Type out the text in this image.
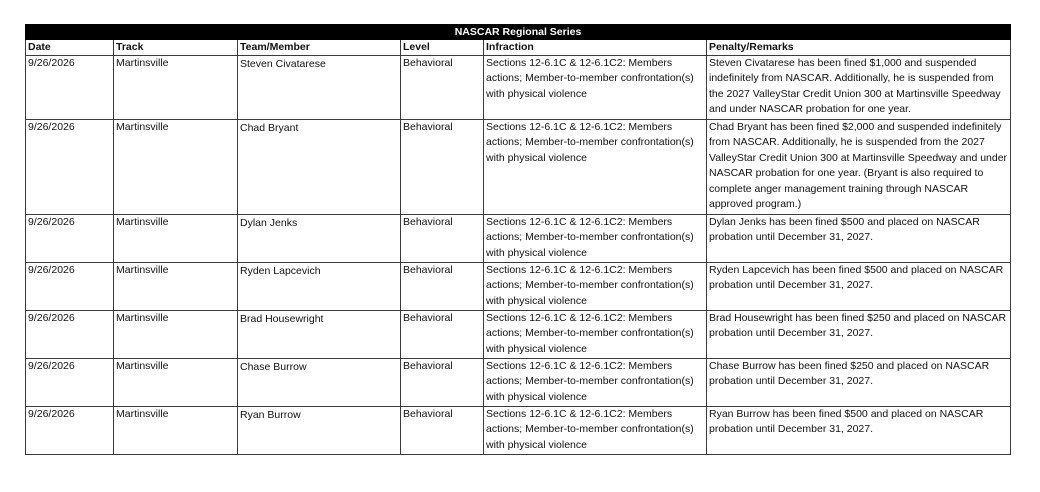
NASCAR Regional Series					
Date	Track	Team/Member	Level	Infraction	Penalty/Remarks
9/26/2026	Martinsville	Steven Civatarese	Behavioral	Sections 12-6.1C & 12-6.1C2: Members actions; Member-to-member confrontation(s) with physical violence	Steven Civatarese has been fined $1,000 and suspended indefinitely from NASCAR. Additionally, he is suspended from the 2027 ValleyStar Credit Union 300 at Martinsville Speedway and under NASCAR probation for one year.
9/26/2026	Martinsville	Chad Bryant	Behavioral	Sections 12-6.1C & 12-6.1C2: Members actions; Member-to-member confrontation(s) with physical violence	Chad Bryant has been fined $2,000 and suspended indefinitely from NASCAR. Additionally, he is suspended from the 2027 ValleyStar Credit Union 300 at Martinsville Speedway and under NASCAR probation for one year. (Bryant is also required to complete anger management training through NASCAR approved program.)
9/26/2026	Martinsville	Dylan Jenks	Behavioral	Sections 12-6.1C & 12-6.1C2: Members actions; Member-to-member confrontation(s) with physical violence	Dylan Jenks has been fined $500 and placed on NASCAR probation until December 31, 2027.
9/26/2026	Martinsville	Ryden Lapcevich	Behavioral	Sections 12-6.1C & 12-6.1C2: Members actions; Member-to-member confrontation(s) with physical violence	Ryden Lapcevich has been fined $500 and placed on NASCAR probation until December 31, 2027.
9/26/2026	Martinsville	Brad Housewright	Behavioral	Sections 12-6.1C & 12-6.1C2: Members actions; Member-to-member confrontation(s) with physical violence	Brad Housewright has been fined $250 and placed on NASCAR probation until December 31, 2027.
9/26/2026	Martinsville	Chase Burrow	Behavioral	Sections 12-6.1C & 12-6.1C2: Members actions; Member-to-member confrontation(s) with physical violence	Chase Burrow has been fined $250 and placed on NASCAR probation until December 31, 2027.
9/26/2026	Martinsville	Ryan Burrow	Behavioral	Sections 12-6.1C & 12-6.1C2: Members actions; Member-to-member confrontation(s) with physical violence	Ryan Burrow has been fined $500 and placed on NASCAR probation until December 31, 2027.
